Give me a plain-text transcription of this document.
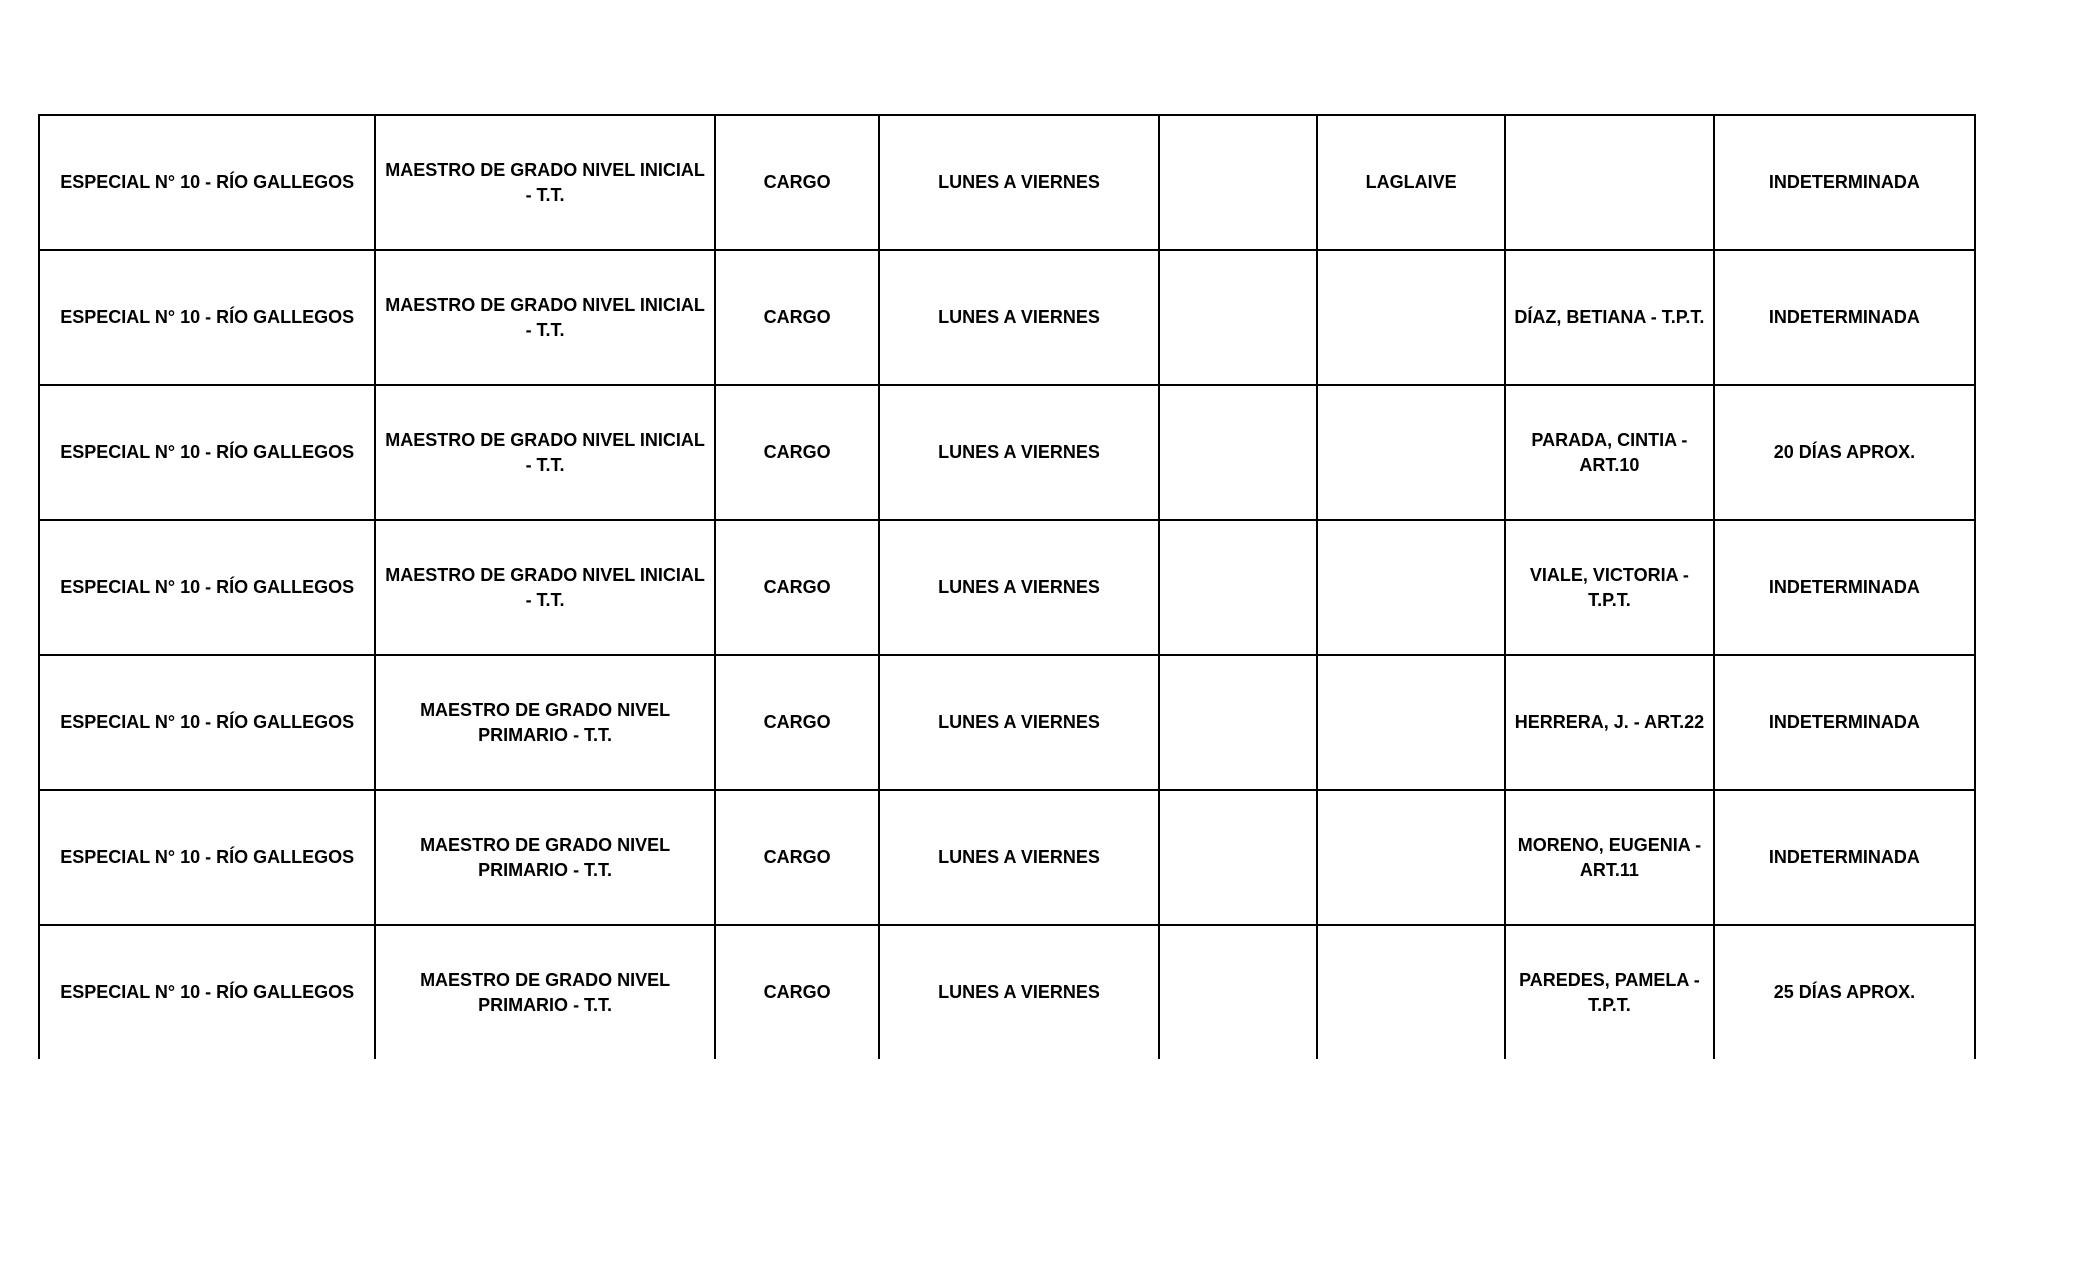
ESPECIAL N° 10 - RÍO GALLEGOS	MAESTRO DE GRADO NIVEL INICIAL - T.T.	CARGO	LUNES A VIERNES		LAGLAIVE		INDETERMINADA
ESPECIAL N° 10 - RÍO GALLEGOS	MAESTRO DE GRADO NIVEL INICIAL - T.T.	CARGO	LUNES A VIERNES			DÍAZ, BETIANA - T.P.T.	INDETERMINADA
ESPECIAL N° 10 - RÍO GALLEGOS	MAESTRO DE GRADO NIVEL INICIAL - T.T.	CARGO	LUNES A VIERNES			PARADA, CINTIA - ART.10	20 DÍAS APROX.
ESPECIAL N° 10 - RÍO GALLEGOS	MAESTRO DE GRADO NIVEL INICIAL - T.T.	CARGO	LUNES A VIERNES			VIALE, VICTORIA - T.P.T.	INDETERMINADA
ESPECIAL N° 10 - RÍO GALLEGOS	MAESTRO DE GRADO NIVEL PRIMARIO - T.T.	CARGO	LUNES A VIERNES			HERRERA, J. - ART.22	INDETERMINADA
ESPECIAL N° 10 - RÍO GALLEGOS	MAESTRO DE GRADO NIVEL PRIMARIO - T.T.	CARGO	LUNES A VIERNES			MORENO, EUGENIA - ART.11	INDETERMINADA
ESPECIAL N° 10 - RÍO GALLEGOS	MAESTRO DE GRADO NIVEL PRIMARIO - T.T.	CARGO	LUNES A VIERNES			PAREDES, PAMELA - T.P.T.	25 DÍAS APROX.
